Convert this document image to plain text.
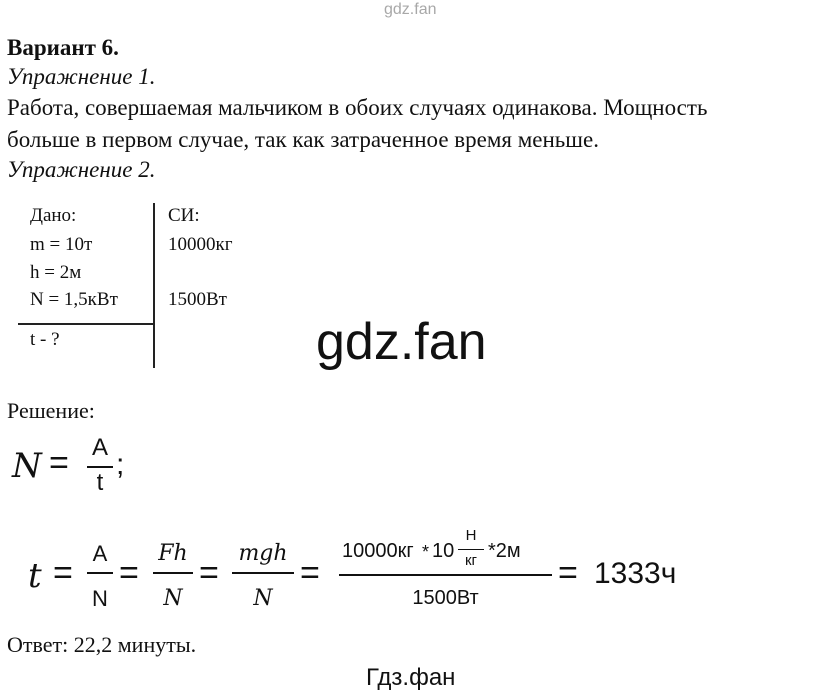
gdz.fan
Вариант 6.
Упражнение 1.
Работа, совершаемая мальчиком в обоих случаях одинакова. Мощность
больше в первом случае, так как затраченное время меньше.
Упражнение 2.
Дано:
m = 10т
h = 2м
N = 1,5кВт
t - ?
СИ:
10000кг
1500Вт
gdz.fan
Решение:
N = A
t
;
t =
A
N
=
Fh
N
=
mgh
N
=
10000кг * 10
Н
кг *2м
1500Вт
= 1333ч
Ответ: 22,2 минуты.
Гдз.фан
